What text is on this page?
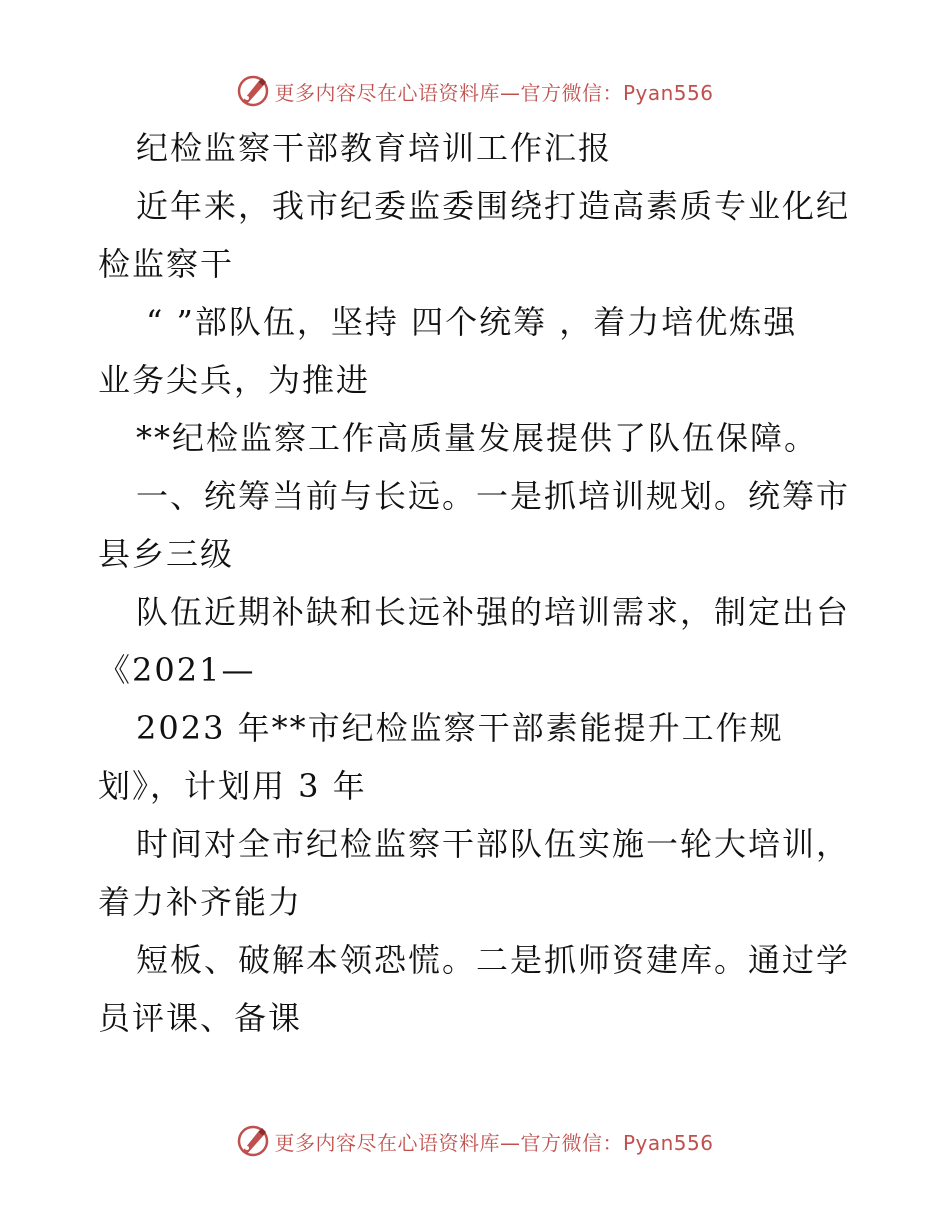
更多内容尽在心语资料库—官方微信：Pyan556
纪检监察干部教育培训工作汇报
近年来，我市纪委监委围绕打造高素质专业化纪
检监察干
“ ”部队伍，坚持 四个统筹 ，着力培优炼强
业务尖兵，为推进
**纪检监察工作高质量发展提供了队伍保障。
一、统筹当前与长远。一是抓培训规划。统筹市
县乡三级
队伍近期补缺和长远补强的培训需求，制定出台
《2021—
2023 年**市纪检监察干部素能提升工作规
划》，计划用 3 年
时间对全市纪检监察干部队伍实施一轮大培训，
着力补齐能力
短板、破解本领恐慌。二是抓师资建库。通过学
员评课、备课
更多内容尽在心语资料库—官方微信：Pyan556
